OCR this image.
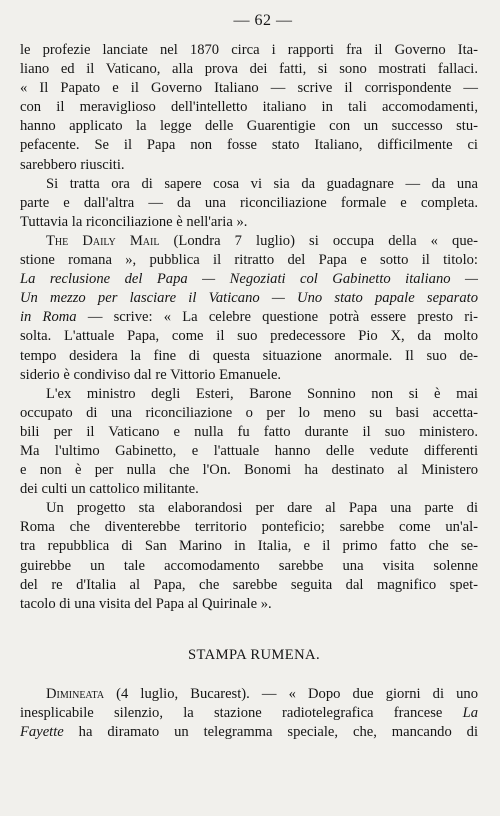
— 62 —

le profezie lanciate nel 1870 circa i rapporti fra il Governo Ita-
liano ed il Vaticano, alla prova dei fatti, si sono mostrati fallaci.
« Il Papato e il Governo Italiano — scrive il corrispondente —
con il meraviglioso dell'intelletto italiano in tali accomodamenti,
hanno applicato la legge delle Guarentigie con un successo stu-
pefacente. Se il Papa non fosse stato Italiano, difficilmente ci
sarebbero riusciti.

Si tratta ora di sapere cosa vi sia da guadagnare — da una
parte e dall'altra — da una riconciliazione formale e completa.
Tuttavia la riconciliazione è nell'aria ».

The Daily Mail (Londra 7 luglio) si occupa della « que-
stione romana », pubblica il ritratto del Papa e sotto il titolo:
La reclusione del Papa — Negoziati col Gabinetto italiano —
Un mezzo per lasciare il Vaticano — Uno stato papale separato
in Roma — scrive: « La celebre questione potrà essere presto ri-
solta. L'attuale Papa, come il suo predecessore Pio X, da molto
tempo desidera la fine di questa situazione anormale. Il suo de-
siderio è condiviso dal re Vittorio Emanuele.

L'ex ministro degli Esteri, Barone Sonnino non si è mai
occupato di una riconciliazione o per lo meno su basi accetta-
bili per il Vaticano e nulla fu fatto durante il suo ministero.
Ma l'ultimo Gabinetto, e l'attuale hanno delle vedute differenti
e non è per nulla che l'On. Bonomi ha destinato al Ministero
dei culti un cattolico militante.

Un progetto sta elaborandosi per dare al Papa una parte di
Roma che diventerebbe territorio ponteficio; sarebbe come un'al-
tra repubblica di San Marino in Italia, e il primo fatto che se-
guirebbe un tale accomodamento sarebbe una visita solenne
del re d'Italia al Papa, che sarebbe seguita dal magnifico spet-
tacolo di una visita del Papa al Quirinale ».

STAMPA RUMENA.

Dimineata (4 luglio, Bucarest). — « Dopo due giorni di uno
inesplicabile silenzio, la stazione radiotelegrafica francese La
Fayette ha diramato un telegramma speciale, che, mancando di
